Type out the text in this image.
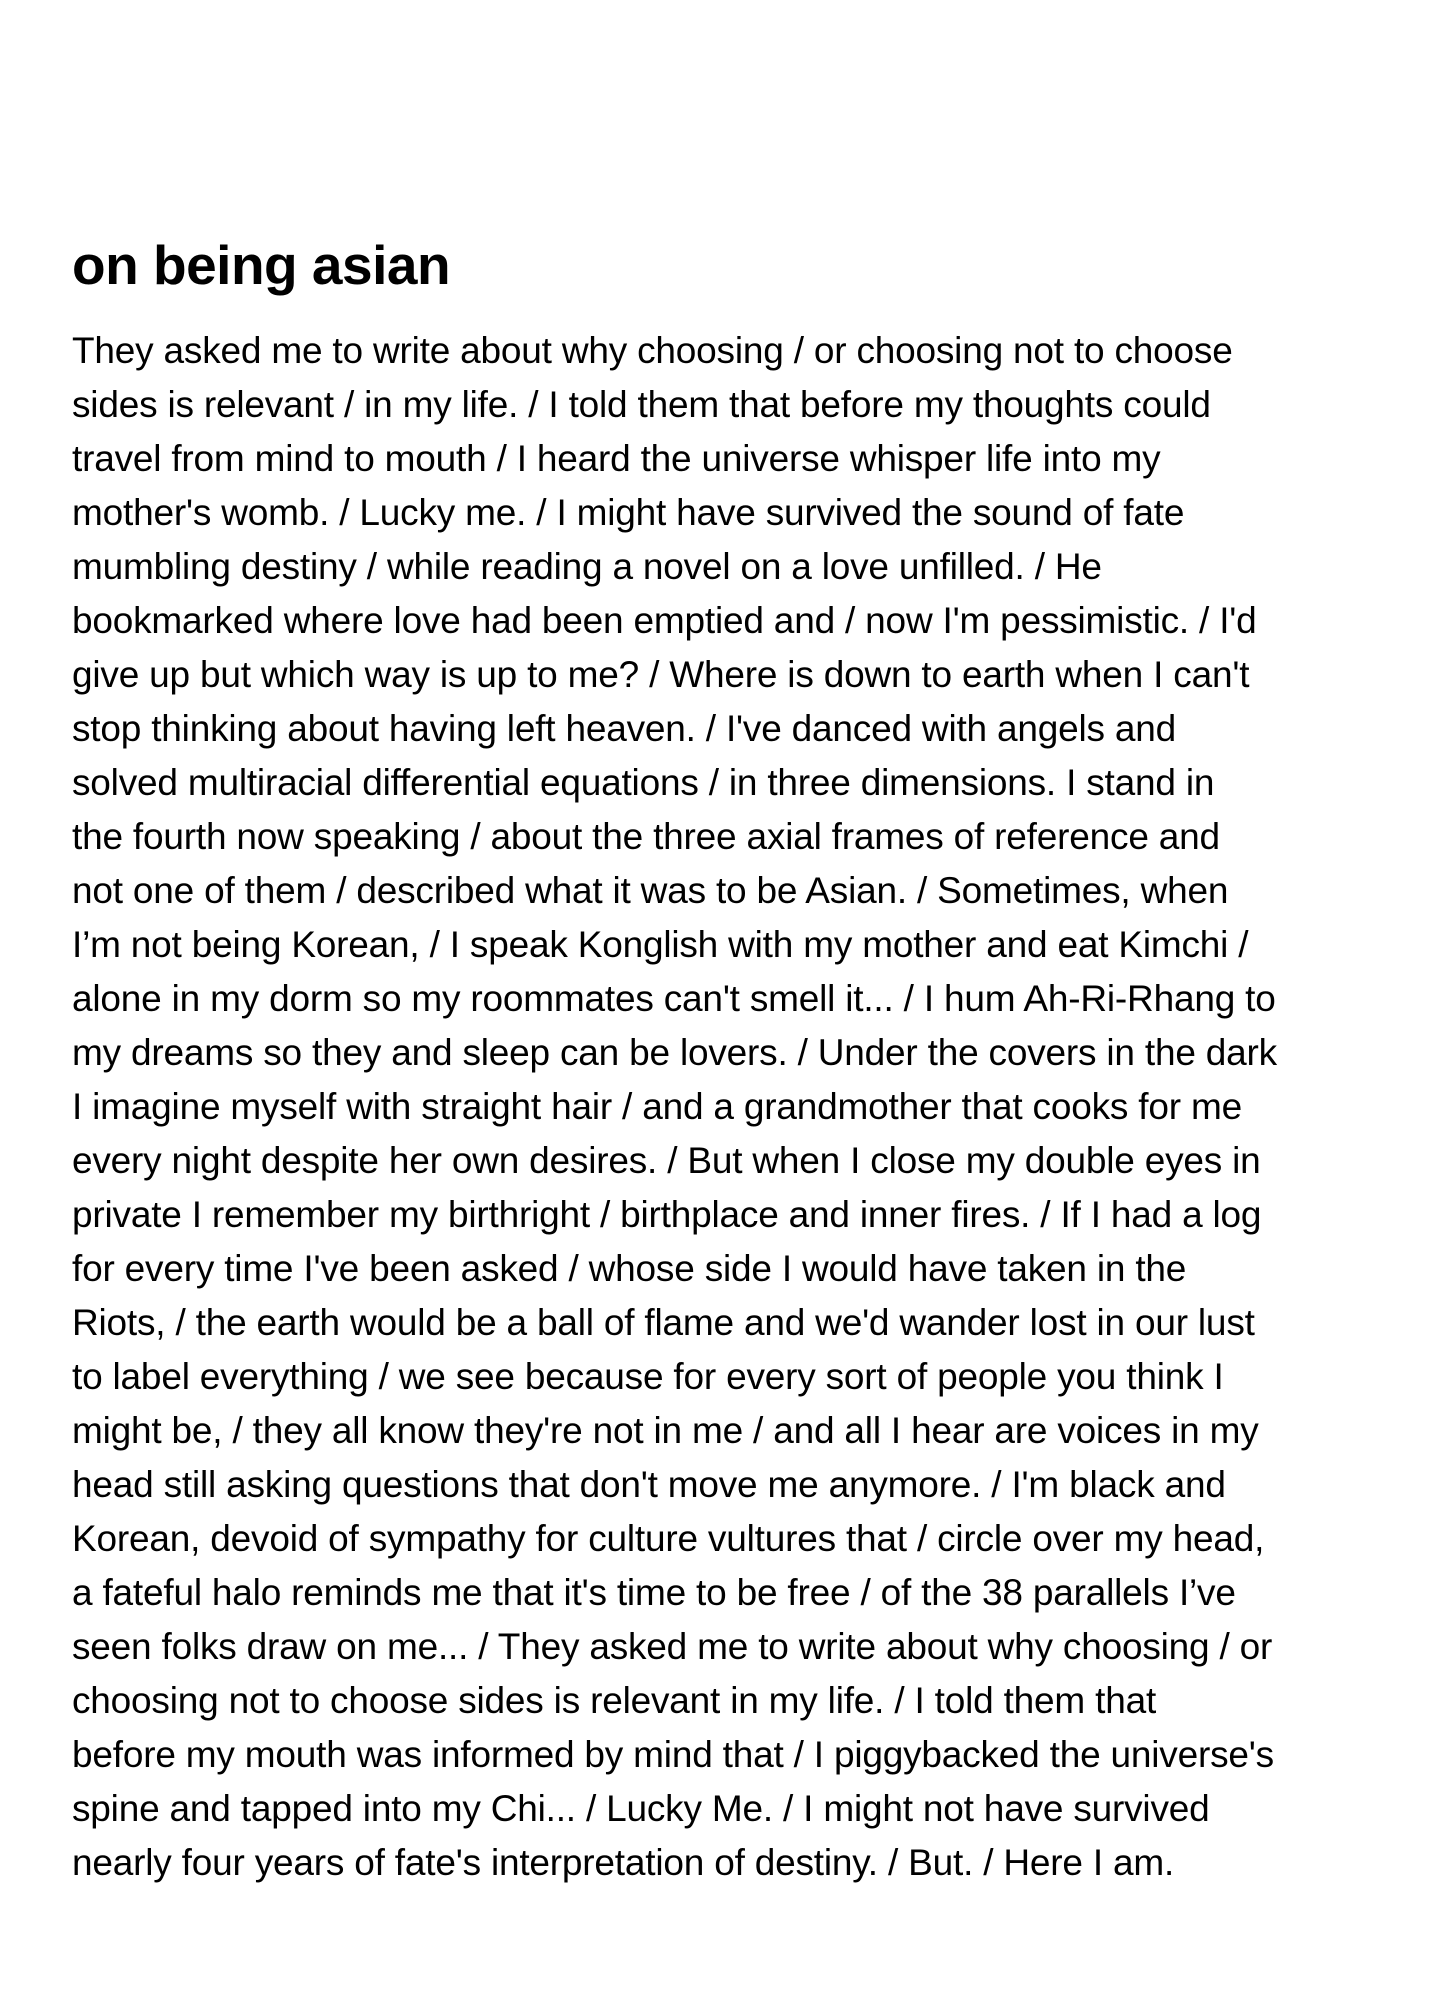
on being asian
They asked me to write about why choosing / or choosing not to choose
sides is relevant / in my life. / I told them that before my thoughts could
travel from mind to mouth / I heard the universe whisper life into my
mother's womb. / Lucky me. / I might have survived the sound of fate
mumbling destiny / while reading a novel on a love unfilled. / He
bookmarked where love had been emptied and / now I'm pessimistic. / I'd
give up but which way is up to me? / Where is down to earth when I can't
stop thinking about having left heaven. / I've danced with angels and
solved multiracial differential equations / in three dimensions. I stand in
the fourth now speaking / about the three axial frames of reference and
not one of them / described what it was to be Asian. / Sometimes, when
I’m not being Korean, / I speak Konglish with my mother and eat Kimchi /
alone in my dorm so my roommates can't smell it... / I hum Ah-Ri-Rhang to
my dreams so they and sleep can be lovers. / Under the covers in the dark
I imagine myself with straight hair / and a grandmother that cooks for me
every night despite her own desires. / But when I close my double eyes in
private I remember my birthright / birthplace and inner fires. / If I had a log
for every time I've been asked / whose side I would have taken in the
Riots, / the earth would be a ball of flame and we'd wander lost in our lust
to label everything / we see because for every sort of people you think I
might be, / they all know they're not in me / and all I hear are voices in my
head still asking questions that don't move me anymore. / I'm black and
Korean, devoid of sympathy for culture vultures that / circle over my head,
a fateful halo reminds me that it's time to be free / of the 38 parallels I’ve
seen folks draw on me... / They asked me to write about why choosing / or
choosing not to choose sides is relevant in my life. / I told them that
before my mouth was informed by mind that / I piggybacked the universe's
spine and tapped into my Chi... / Lucky Me. / I might not have survived
nearly four years of fate's interpretation of destiny. / But. / Here I am.
